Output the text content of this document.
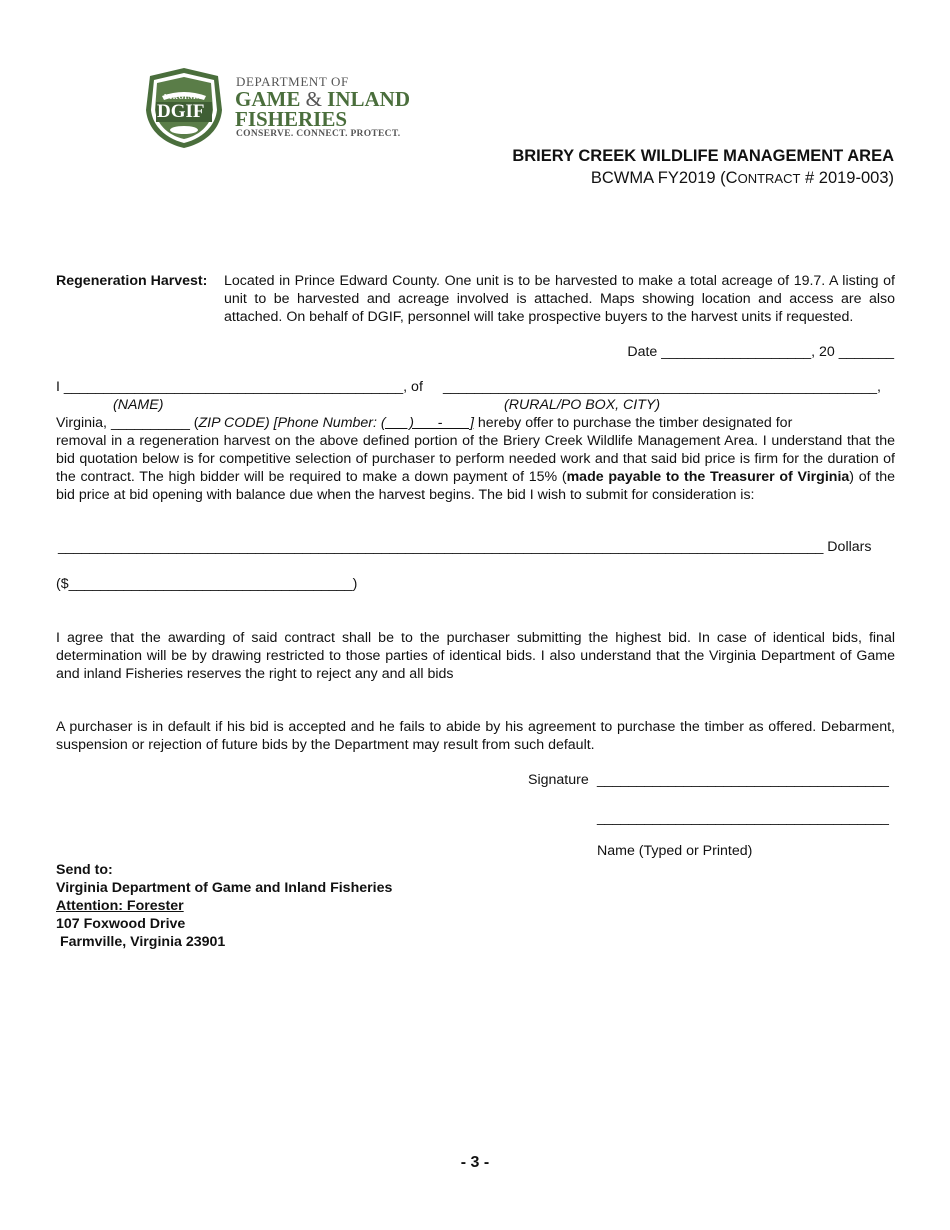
VIRGINIA
DGIF
DEPARTMENT OF
GAME & INLAND
FISHERIES
CONSERVE. CONNECT. PROTECT.
BRIERY CREEK WILDLIFE MANAGEMENT AREA
BCWMA FY2019 (CONTRACT # 2019-003)
Regeneration Harvest: Located in Prince Edward County. One unit is to be harvested to make a total acreage of 19.7. A listing of unit to be harvested and acreage involved is attached. Maps showing location and access are also attached. On behalf of DGIF, personnel will take prospective buyers to the harvest units if requested.
Date ___________________, 20 _______
I ___________________________________________, of _______________________________________________________,
(NAME)	(RURAL/PO BOX, CITY)
Virginia, __________ (ZIP CODE) [Phone Number: (      )      -       ] hereby offer to purchase the timber designated for
removal in a regeneration harvest on the above defined portion of the Briery Creek Wildlife Management Area. I understand that the bid quotation below is for competitive selection of purchaser to perform needed work and that said bid price is firm for the duration of the contract. The high bidder will be required to make a down payment of 15% (made payable to the Treasurer of Virginia) of the bid price at bid opening with balance due when the harvest begins. The bid I wish to submit for consideration is:
_________________________________________________________________________________________________ Dollars
($____________________________________)
I agree that the awarding of said contract shall be to the purchaser submitting the highest bid. In case of identical bids, final determination will be by drawing restricted to those parties of identical bids. I also understand that the Virginia Department of Game and inland Fisheries reserves the right to reject any and all bids
A purchaser is in default if his bid is accepted and he fails to abide by his agreement to purchase the timber as offered. Debarment, suspension or rejection of future bids by the Department may result from such default.
Signature _____________________________________
_____________________________________
Name (Typed or Printed)
Send to:
Virginia Department of Game and Inland Fisheries
Attention: Forester
107 Foxwood Drive
Farmville, Virginia 23901
- 3 -
